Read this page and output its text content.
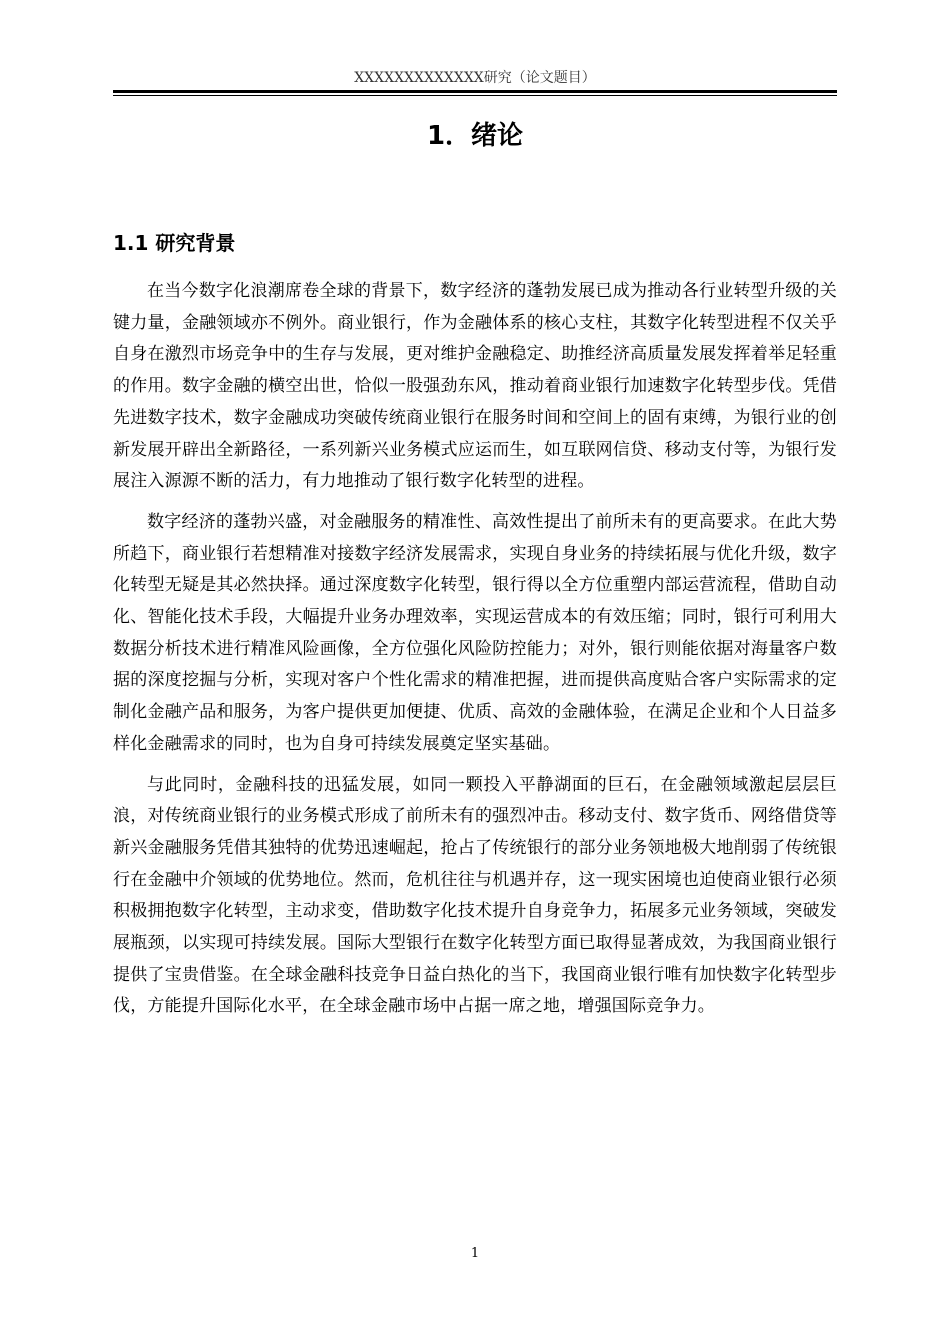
XXXXXXXXXXXXX研究（论文题目）
1．绪论
1.1 研究背景

在当今数字化浪潮席卷全球的背景下，数字经济的蓬勃发展已成为推动各行业转型升级的关键力量，金融领域亦不例外。商业银行，作为金融体系的核心支柱，其数字化转型进程不仅关乎自身在激烈市场竞争中的生存与发展，更对维护金融稳定、助推经济高质量发展发挥着举足轻重的作用。数字金融的横空出世，恰似一股强劲东风，推动着商业银行加速数字化转型步伐。凭借先进数字技术，数字金融成功突破传统商业银行在服务时间和空间上的固有束缚，为银行业的创新发展开辟出全新路径，一系列新兴业务模式应运而生，如互联网信贷、移动支付等，为银行发展注入源源不断的活力，有力地推动了银行数字化转型的进程。

数字经济的蓬勃兴盛，对金融服务的精准性、高效性提出了前所未有的更高要求。在此大势所趋下，商业银行若想精准对接数字经济发展需求，实现自身业务的持续拓展与优化升级，数字化转型无疑是其必然抉择。通过深度数字化转型，银行得以全方位重塑内部运营流程，借助自动化、智能化技术手段，大幅提升业务办理效率，实现运营成本的有效压缩；同时，银行可利用大数据分析技术进行精准风险画像，全方位强化风险防控能力；对外，银行则能依据对海量客户数据的深度挖掘与分析，实现对客户个性化需求的精准把握，进而提供高度贴合客户实际需求的定制化金融产品和服务，为客户提供更加便捷、优质、高效的金融体验，在满足企业和个人日益多样化金融需求的同时，也为自身可持续发展奠定坚实基础。

与此同时，金融科技的迅猛发展，如同一颗投入平静湖面的巨石，在金融领域激起层层巨浪，对传统商业银行的业务模式形成了前所未有的强烈冲击。移动支付、数字货币、网络借贷等新兴金融服务凭借其独特的优势迅速崛起，抢占了传统银行的部分业务领地极大地削弱了传统银行在金融中介领域的优势地位。然而，危机往往与机遇并存，这一现实困境也迫使商业银行必须积极拥抱数字化转型，主动求变，借助数字化技术提升自身竞争力，拓展多元业务领域，突破发展瓶颈，以实现可持续发展。国际大型银行在数字化转型方面已取得显著成效，为我国商业银行提供了宝贵借鉴。在全球金融科技竞争日益白热化的当下，我国商业银行唯有加快数字化转型步伐，方能提升国际化水平，在全球金融市场中占据一席之地，增强国际竞争力。

1
